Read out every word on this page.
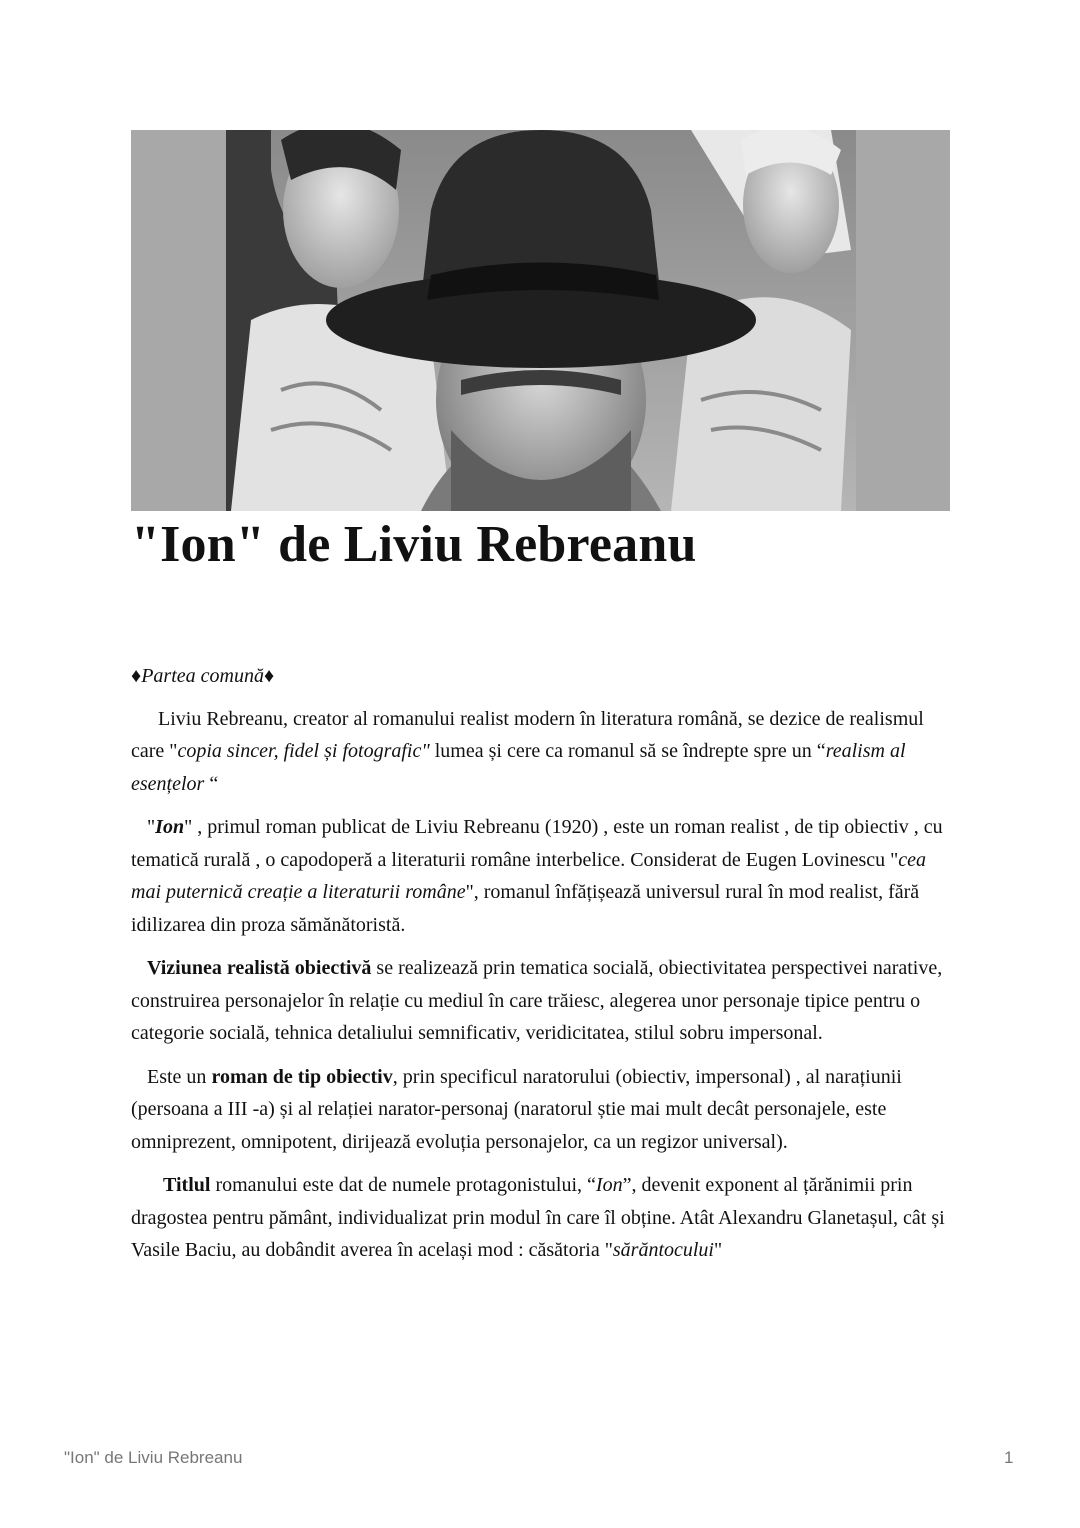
"Ion" de Liviu Rebreanu

♦Partea comună♦

Liviu Rebreanu, creator al romanului realist modern în literatura română, se dezice de realismul care "copia sincer, fidel și fotografic" lumea și cere ca romanul să se îndrepte spre un “realism al esențelor “

"Ion" , primul roman publicat de Liviu Rebreanu (1920) , este un roman realist , de tip obiectiv , cu tematică rurală , o capodoperă a literaturii române interbelice. Considerat de Eugen Lovinescu "cea mai puternică creație a literaturii române", romanul înfățișează universul rural în mod realist, fără idilizarea din proza sămănătoristă.

Viziunea realistă obiectivă se realizează prin tematica socială, obiectivitatea perspectivei narative, construirea personajelor în relație cu mediul în care trăiesc, alegerea unor personaje tipice pentru o categorie socială, tehnica detaliului semnificativ, veridicitatea, stilul sobru impersonal.

Este un roman de tip obiectiv, prin specificul naratorului (obiectiv, impersonal) , al narațiunii (persoana a III -a) și al relației narator-personaj (naratorul știe mai mult decât personajele, este omniprezent, omnipotent, dirijează evoluția personajelor, ca un regizor universal).

Titlul romanului este dat de numele protagonistului, “Ion”, devenit exponent al țărănimii prin dragostea pentru pământ, individualizat prin modul în care îl obține. Atât Alexandru Glanetașul, cât și Vasile Baciu, au dobândit averea în același mod : căsătoria "sărăntocului"

"Ion" de Liviu Rebreanu	1
